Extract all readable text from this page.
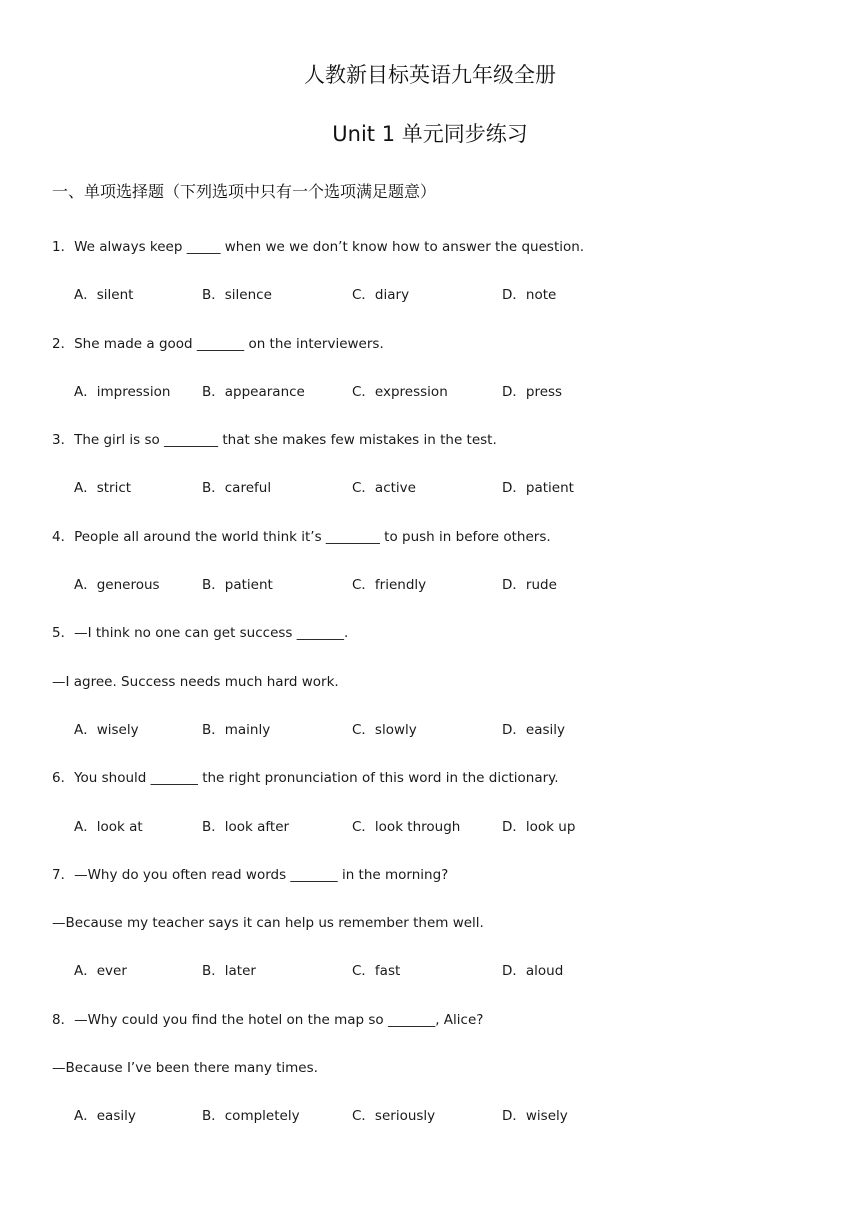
人教新目标英语九年级全册
Unit 1 单元同步练习
一、单项选择题（下列选项中只有一个选项满足题意）
1．We always keep _____ when we we don’t know how to answer the question.
A．silent	B．silence	C．diary	D．note
2．She made a good _______ on the interviewers.
A．impression B．appearance	C．expression	D．press
3．The girl is so ________ that she makes few mistakes in the test.
A．strict	B．careful	C．active	D．patient
4．People all around the world think it’s ________ to push in before others.
A．generous	B．patient	C．friendly	D．rude
5．—I think no one can get success _______.
—I agree. Success needs much hard work.
A．wisely	B．mainly	C．slowly	D．easily
6．You should _______ the right pronunciation of this word in the dictionary.
A．look at	B．look after	C．look through	D．look up
7．—Why do you often read words _______ in the morning?
—Because my teacher says it can help us remember them well.
A．ever	B．later	C．fast	D．aloud
8．—Why could you find the hotel on the map so _______, Alice?
—Because I’ve been there many times.
A．easily	B．completely	C．seriously	D．wisely
